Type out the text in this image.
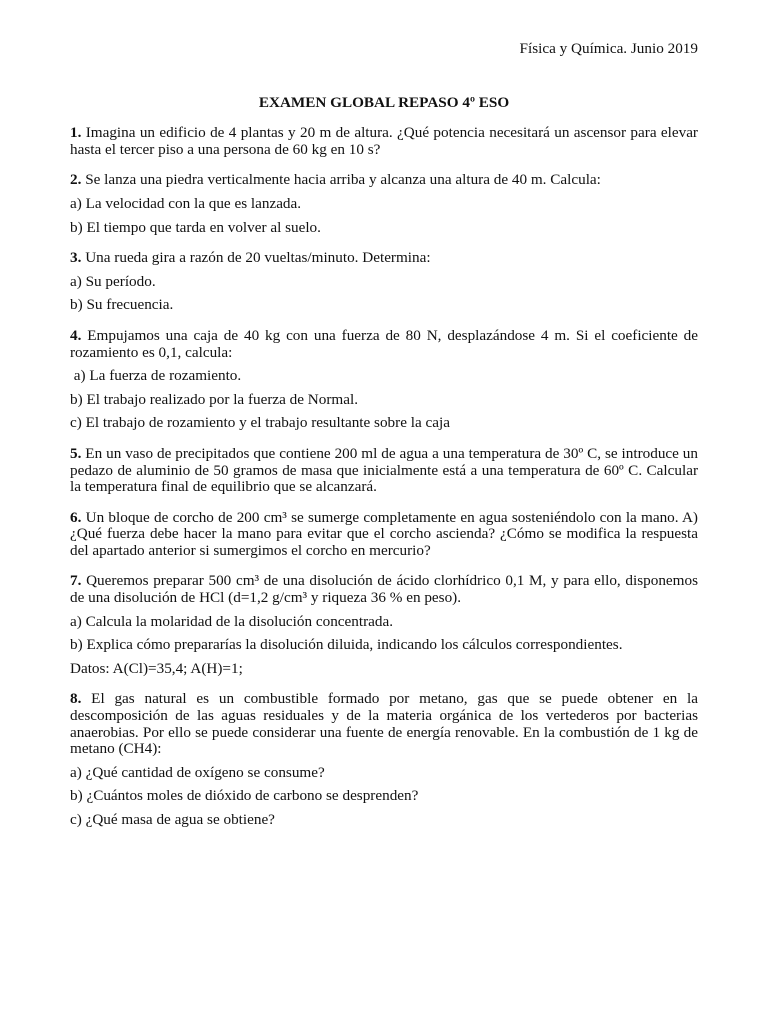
Física y Química. Junio 2019

EXAMEN GLOBAL REPASO 4º ESO

1. Imagina un edificio de 4 plantas y 20 m de altura. ¿Qué potencia necesitará un ascensor para elevar hasta el tercer piso a una persona de 60 kg en 10 s?

2. Se lanza una piedra verticalmente hacia arriba y alcanza una altura de 40 m. Calcula:

a) La velocidad con la que es lanzada.

b) El tiempo que tarda en volver al suelo.

3. Una rueda gira a razón de 20 vueltas/minuto. Determina:

a) Su período.

b) Su frecuencia.

4. Empujamos una caja de 40 kg con una fuerza de 80 N, desplazándose 4 m. Si el coeficiente de rozamiento es 0,1, calcula:

a) La fuerza de rozamiento.

b) El trabajo realizado por la fuerza de Normal.

c) El trabajo de rozamiento y el trabajo resultante sobre la caja

5. En un vaso de precipitados que contiene 200 ml de agua a una temperatura de 30º C, se introduce un pedazo de aluminio de 50 gramos de masa que inicialmente está a una temperatura de 60º C. Calcular la temperatura final de equilibrio que se alcanzará.

6. Un bloque de corcho de 200 cm³ se sumerge completamente en agua sosteniéndolo con la mano. A) ¿Qué fuerza debe hacer la mano para evitar que el corcho ascienda? ¿Cómo se modifica la respuesta del apartado anterior si sumergimos el corcho en mercurio?

7. Queremos preparar 500 cm³ de una disolución de ácido clorhídrico 0,1 M, y para ello, disponemos de una disolución de HCl (d=1,2 g/cm³ y riqueza 36 % en peso).

a) Calcula la molaridad de la disolución concentrada.

b) Explica cómo prepararías la disolución diluida, indicando los cálculos correspondientes.

Datos: A(Cl)=35,4; A(H)=1;

8. El gas natural es un combustible formado por metano, gas que se puede obtener en la descomposición de las aguas residuales y de la materia orgánica de los vertederos por bacterias anaerobias. Por ello se puede considerar una fuente de energía renovable. En la combustión de 1 kg de metano (CH4):

a) ¿Qué cantidad de oxígeno se consume?

b) ¿Cuántos moles de dióxido de carbono se desprenden?

c) ¿Qué masa de agua se obtiene?
